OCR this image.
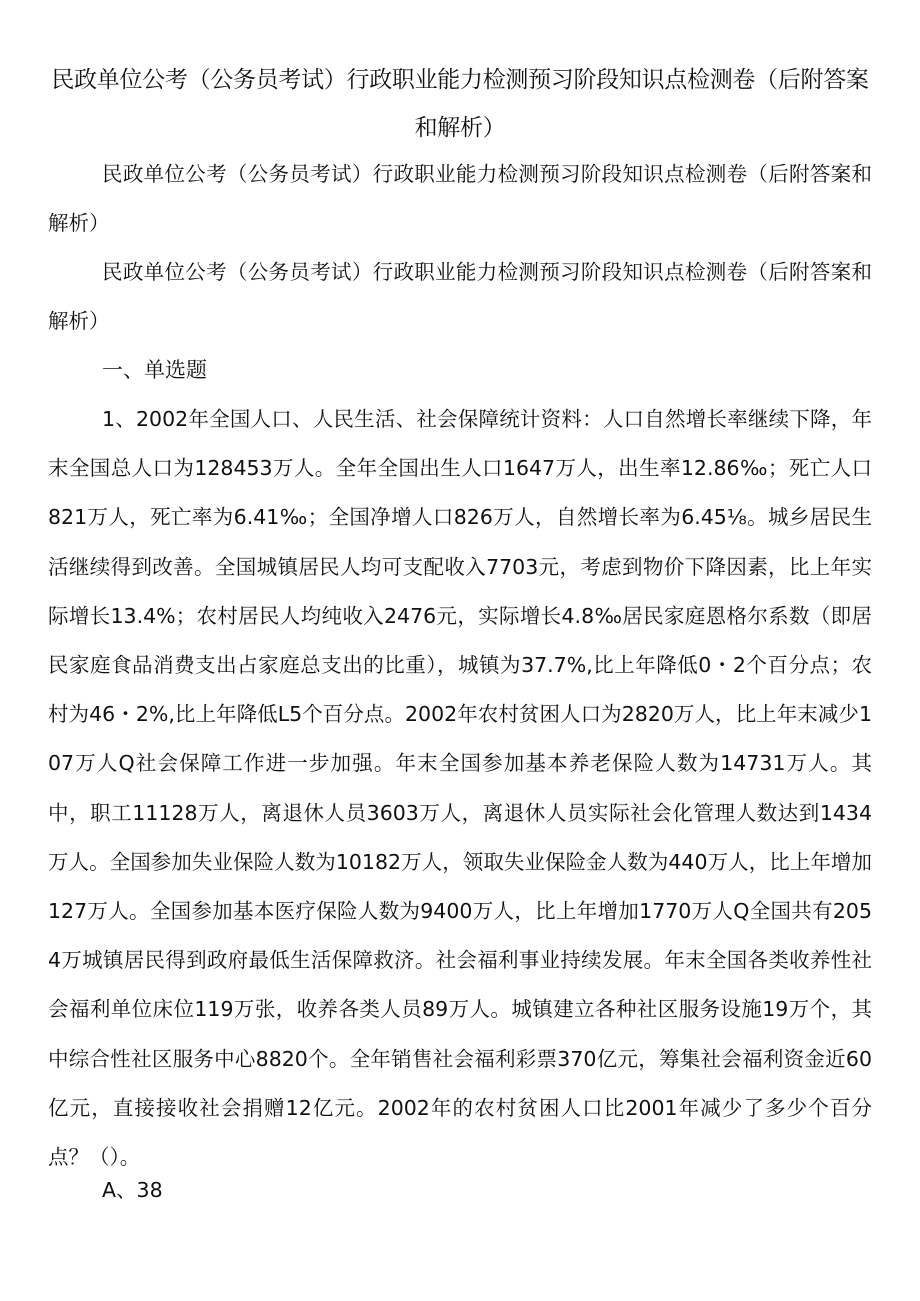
民政单位公考（公务员考试）行政职业能力检测预习阶段知识点检测卷（后附答案和解析）

民政单位公考（公务员考试）行政职业能力检测预习阶段知识点检测卷（后附答案和解析）

民政单位公考（公务员考试）行政职业能力检测预习阶段知识点检测卷（后附答案和解析）

一、单选题

1、2002年全国人口、人民生活、社会保障统计资料：人口自然增长率继续下降，年末全国总人口为128453万人。全年全国出生人口1647万人，出生率12.86‰；死亡人口821万人，死亡率为6.41‰；全国净增人口826万人，自然增长率为6.45⅛。城乡居民生活继续得到改善。全国城镇居民人均可支配收入7703元，考虑到物价下降因素，比上年实际增长13.4%；农村居民人均纯收入2476元，实际增长4.8‰居民家庭恩格尔系数（即居民家庭食品消费支出占家庭总支出的比重），城镇为37.7%,比上年降低0・2个百分点；农村为46・2%,比上年降低L5个百分点。2002年农村贫困人口为2820万人，比上年末减少107万人Q社会保障工作进一步加强。年末全国参加基本养老保险人数为14731万人。其中，职工11128万人，离退休人员3603万人，离退休人员实际社会化管理人数达到1434万人。全国参加失业保险人数为10182万人，领取失业保险金人数为440万人，比上年增加127万人。全国参加基本医疗保险人数为9400万人，比上年增加1770万人Q全国共有2054万城镇居民得到政府最低生活保障救济。社会福利事业持续发展。年末全国各类收养性社会福利单位床位119万张，收养各类人员89万人。城镇建立各种社区服务设施19万个，其中综合性社区服务中心8820个。全年销售社会福利彩票370亿元，筹集社会福利资金近60亿元，直接接收社会捐赠12亿元。2002年的农村贫困人口比2001年减少了多少个百分点？（）。

A、38
